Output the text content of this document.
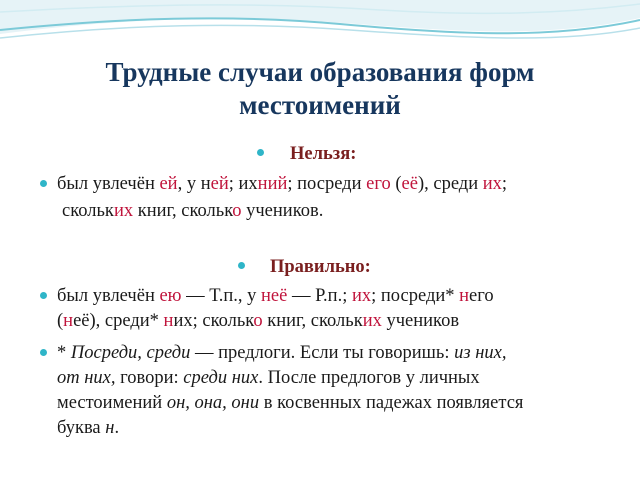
Трудные случаи образования форм
местоимений
Нельзя:
был увлечён ей, у ней; ихний; посреди его (её), среди их;
скольких книг, сколько учеников.
Правильно:
был увлечён ею — Т.п., у неё — Р.п.; их; посреди* него
(неё), среди* них; сколько книг, скольких учеников
* Посреди, среди — предлоги. Если ты говоришь: из них,
от них, говори: среди них. После предлогов у личных
местоимений он, она, они в косвенных падежах появляется
буква н.
